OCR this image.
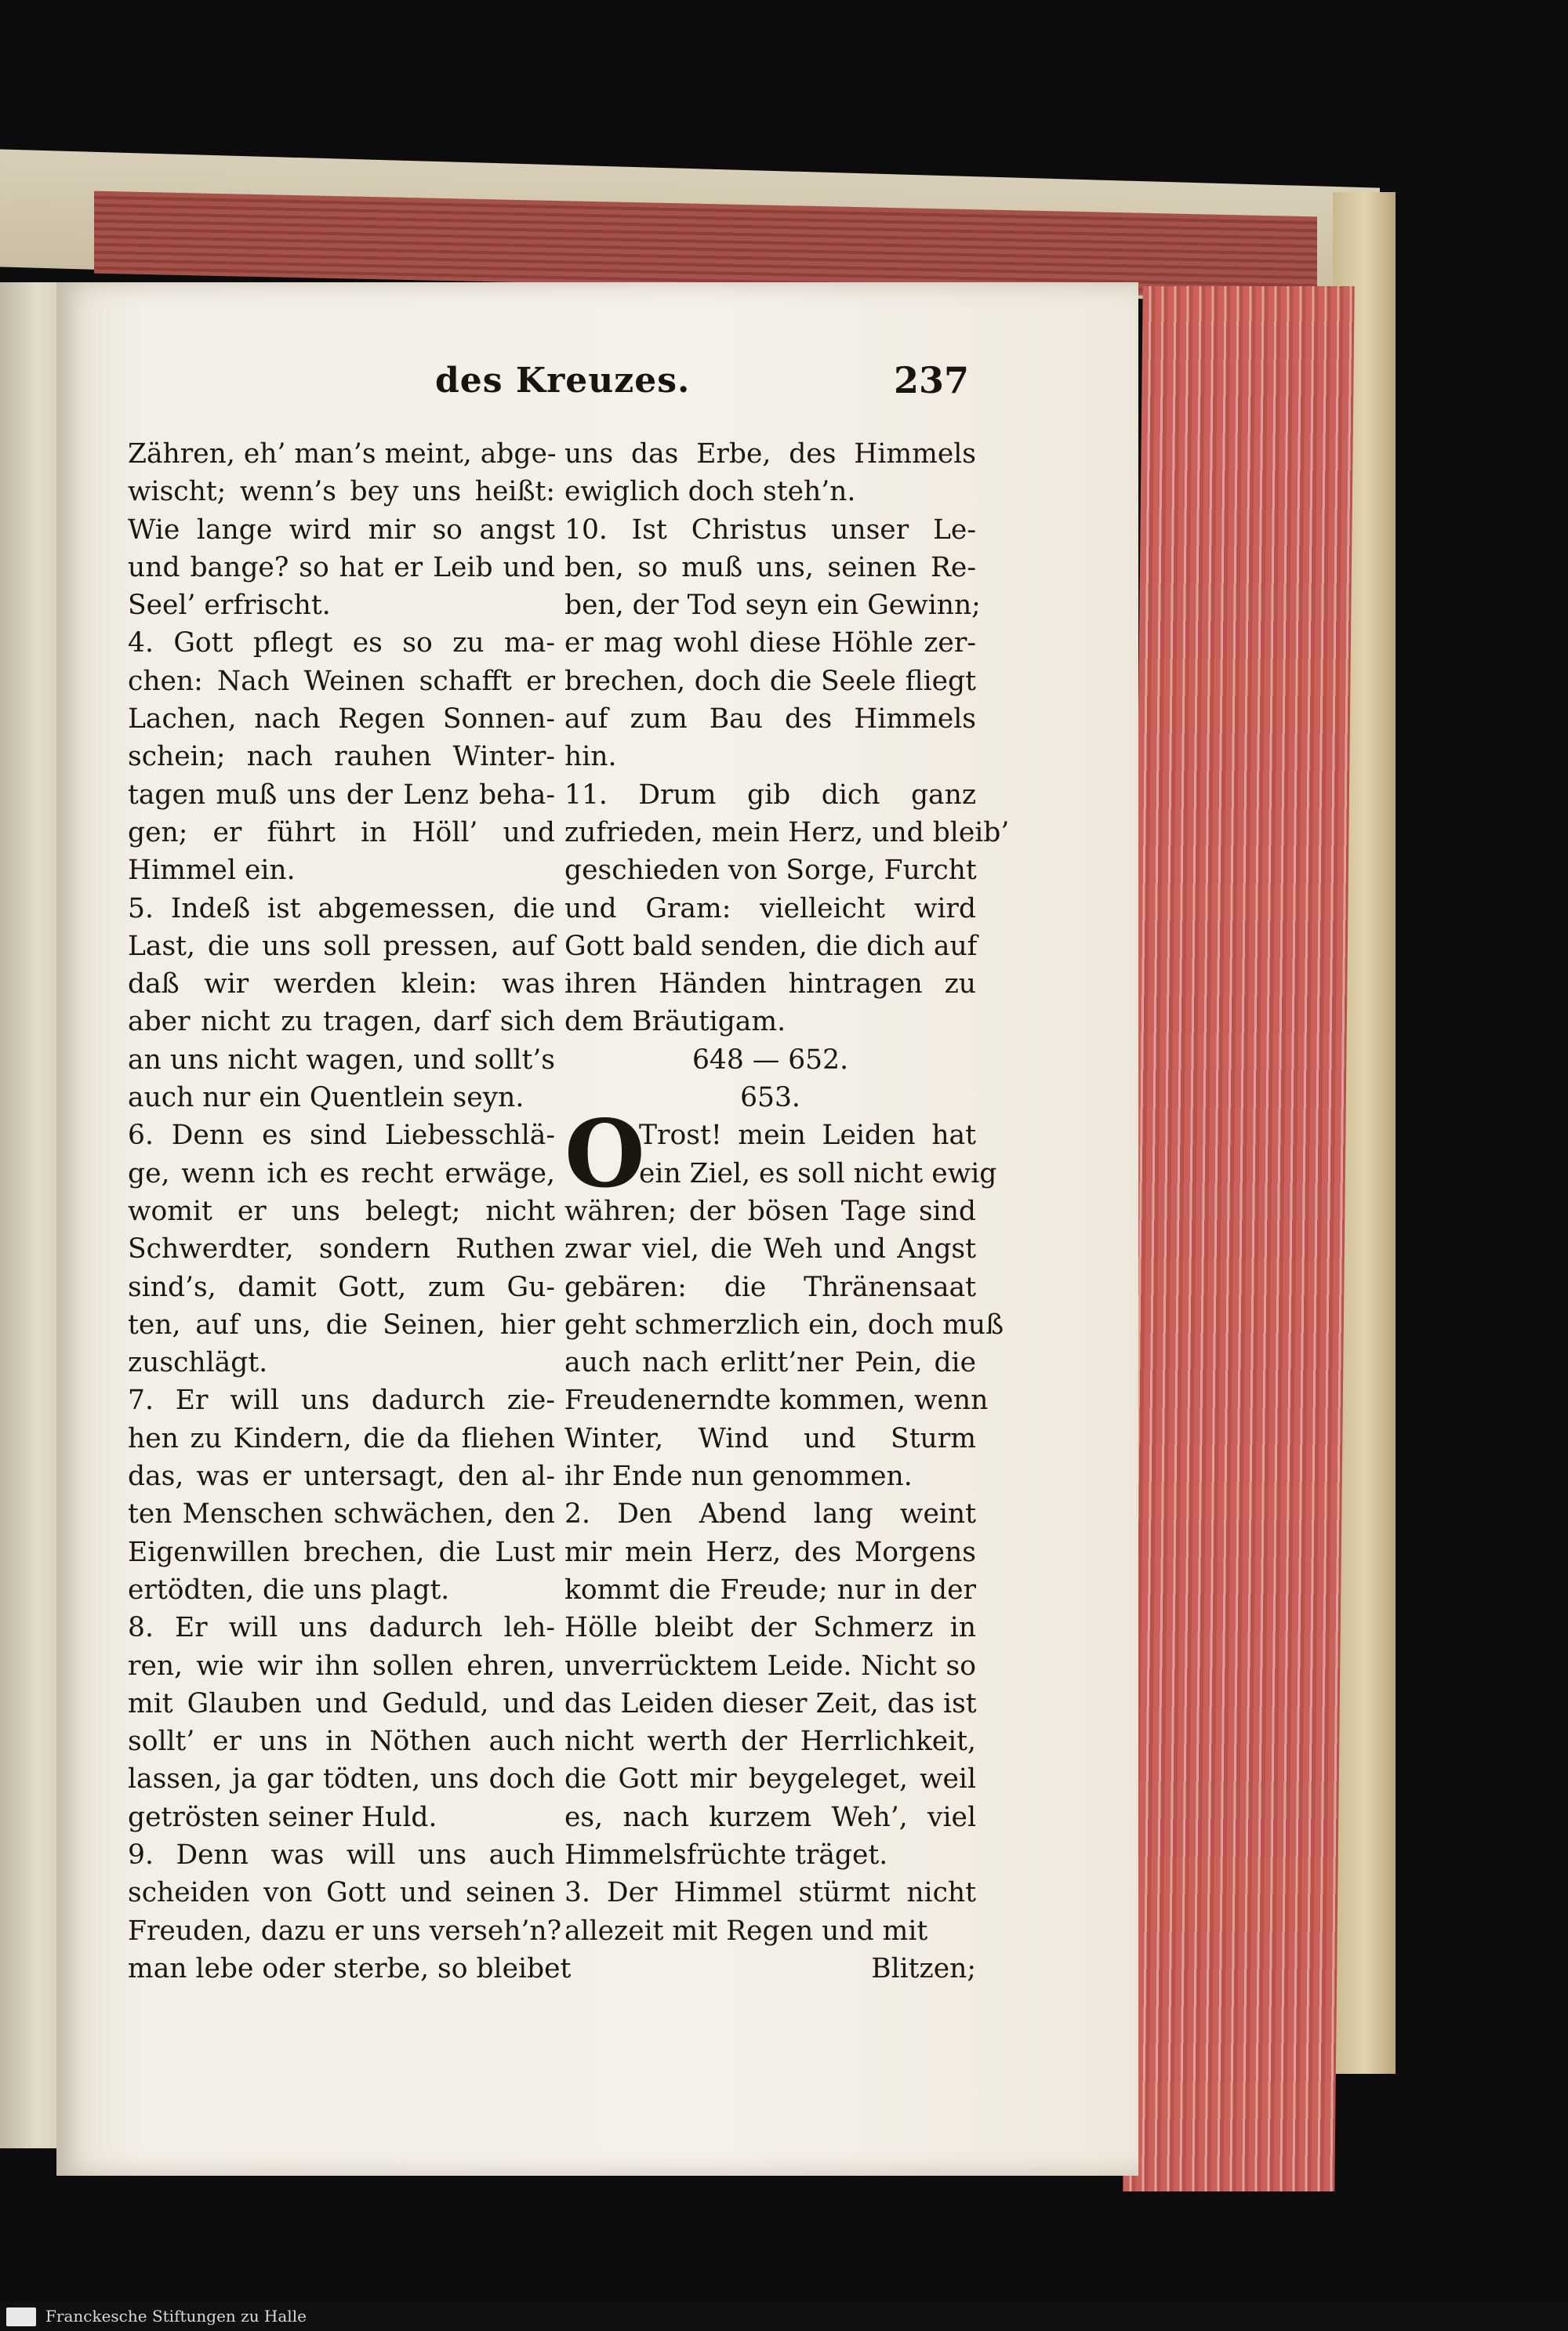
des Kreuzes.	237
Zähren, eh’ man’s meint, abge-
wischt; wenn’s bey uns heißt:
Wie lange wird mir so angst
und bange? so hat er Leib und
Seel’ erfrischt.
4. Gott pflegt es so zu ma-
chen: Nach Weinen schafft er
Lachen, nach Regen Sonnen-
schein; nach rauhen Winter-
tagen muß uns der Lenz beha-
gen; er führt in Höll’ und
Himmel ein.
5. Indeß ist abgemessen, die
Last, die uns soll pressen, auf
daß wir werden klein: was
aber nicht zu tragen, darf sich
an uns nicht wagen, und sollt’s
auch nur ein Quentlein seyn.
6. Denn es sind Liebesschlä-
ge, wenn ich es recht erwäge,
womit er uns belegt; nicht
Schwerdter, sondern Ruthen
sind’s, damit Gott, zum Gu-
ten, auf uns, die Seinen, hier
zuschlägt.
7. Er will uns dadurch zie-
hen zu Kindern, die da fliehen
das, was er untersagt, den al-
ten Menschen schwächen, den
Eigenwillen brechen, die Lust
ertödten, die uns plagt.
8. Er will uns dadurch leh-
ren, wie wir ihn sollen ehren,
mit Glauben und Geduld, und
sollt’ er uns in Nöthen auch
lassen, ja gar tödten, uns doch
getrösten seiner Huld.
9. Denn was will uns auch
scheiden von Gott und seinen
Freuden, dazu er uns verseh’n?
man lebe oder sterbe, so bleibet
uns das Erbe, des Himmels
ewiglich doch steh’n.
10. Ist Christus unser Le-
ben, so muß uns, seinen Re-
ben, der Tod seyn ein Gewinn;
er mag wohl diese Höhle zer-
brechen, doch die Seele fliegt
auf zum Bau des Himmels
hin.
11. Drum gib dich ganz
zufrieden, mein Herz, und bleib’
geschieden von Sorge, Furcht
und Gram: vielleicht wird
Gott bald senden, die dich auf
ihren Händen hintragen zu
dem Bräutigam.
648 — 652.
653.
O
Trost! mein Leiden hat
ein Ziel, es soll nicht ewig
währen; der bösen Tage sind
zwar viel, die Weh und Angst
gebären: die Thränensaat
geht schmerzlich ein, doch muß
auch nach erlitt’ner Pein, die
Freudenerndte kommen, wenn
Winter, Wind und Sturm
ihr Ende nun genommen.
2. Den Abend lang weint
mir mein Herz, des Morgens
kommt die Freude; nur in der
Hölle bleibt der Schmerz in
unverrücktem Leide. Nicht so
das Leiden dieser Zeit, das ist
nicht werth der Herrlichkeit,
die Gott mir beygeleget, weil
es, nach kurzem Weh’, viel
Himmelsfrüchte träget.
3. Der Himmel stürmt nicht
allezeit mit Regen und mit
Blitzen;
Franckesche Stiftungen zu Halle
